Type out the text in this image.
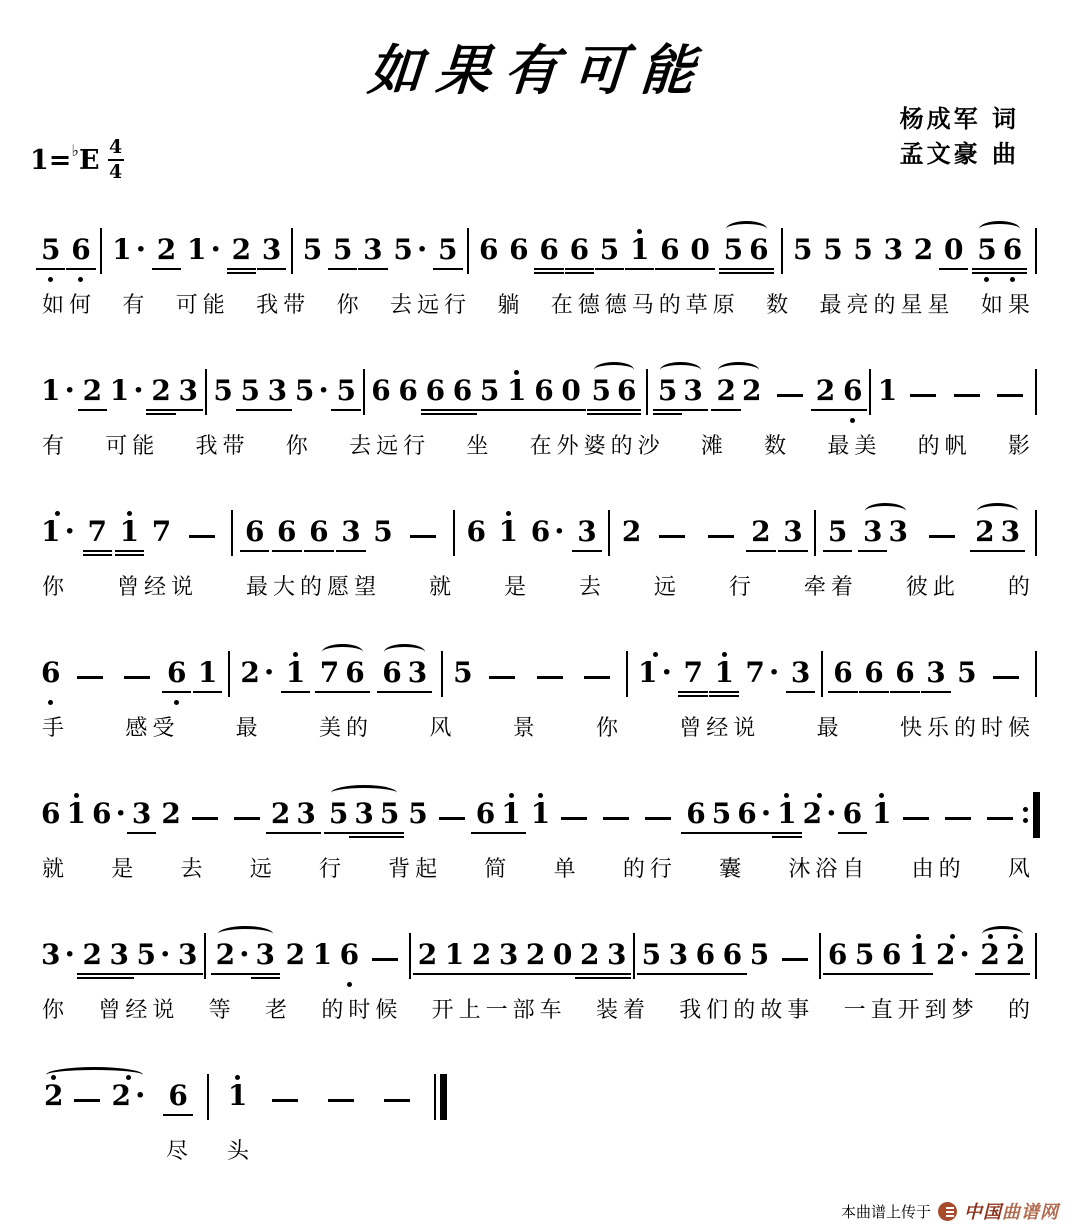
如果有可能
杨成军 词
孟文豪 曲
1= ♭ E 4
4
5 6 1 · 2 1 · 2 3 5 5 3 5 · 5 6 6 6 6 5 1 6 0 5 6 5 5 5 3 2 0 5 6
如何 有 可能 我带 你 去远行 躺 在德德马的草原 数 最亮的星星 如果
1 · 2 1 · 2 3 5 5 3 5 · 5 6 6 6 6 5 1 6 0 5 6 5 3 2 2 2 6 1
有 可能 我带 你 去远行 坐 在外婆的沙 滩 数 最美 的帆 影
1 · 7 1 7	6 6 6 3 5	6 1 6 · 3 2	2 3 5 3 3 2 3
你 曾经说 最大的愿望 就 是 去 远 行 牵着 彼此 的
6	6 1 2 · 1 7 6 6 3 5	1 · 7 1 7 · 3 6 6 6 3 5
手	感受	最	美的	风	景	你	曾经说	最	快乐的时候
6 1 6 · 3 2	2 3 5 3 5 5 6 1 1	6 5 6 · 1 2 · 6 1
就 是 去 远 行 背起 简 单 的行 囊 沐浴自 由的 风
3 · 2 3 5 · 3 2 · 3 2 1 6 2 1 2 3 2 0 2 3 5 3 6 6 5 6 5 6 1 2 · 2 2
你 曾经说 等 老 的时候 开上一部车 装着 我们的故事 一直开到梦 的
2 2 · 6 1
尽 头
本曲谱上传于 中国曲谱网
